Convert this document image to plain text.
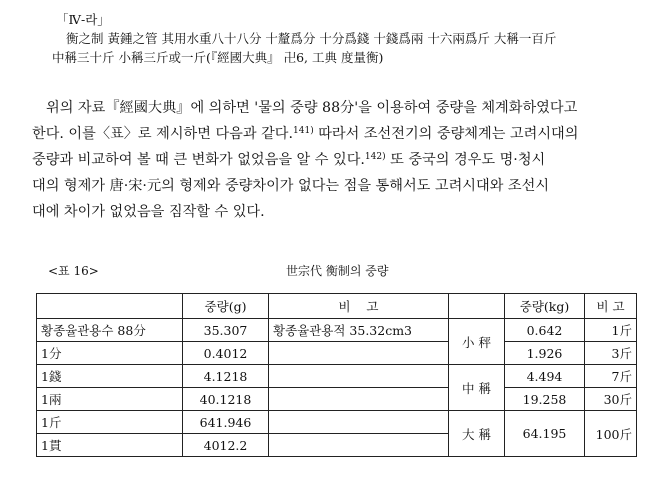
「Ⅳ-라」
衡之制 黃鍾之管 其用水重八十八分 十釐爲分 十分爲錢 十錢爲兩 十六兩爲斤 大稱一百斤
中稱三十斤 小稱三斤或一斤(『經國大典』 卍6, 工典 度量衡)
위의 자료『經國大典』에 의하면 '물의 중량 88分'을 이용하여 중량을 체계화하였다고
한다. 이를〈표〉로 제시하면 다음과 같다.$^{141)}$ 따라서 조선전기의 중량체계는 고려시대의
중량과 비교하여 볼 때 큰 변화가 없었음을 알 수 있다.$^{142)}$ 또 중국의 경우도 명·청시
대의 형제가 唐·宋·元의 형제와 중량차이가 없다는 점을 통해서도 고려시대와 조선시
대에 차이가 없었음을 짐작할 수 있다.
<표 16>	世宗代 衡制의 중량
	중량(g)	비    고		중량(kg)	비 고
황종율관용수 88分	35.307	황종율관용적 35.32cm3	小 秤	0.642	1斤
1分	0.4012			1.926	3斤
1錢	4.1218		中 稱	4.494	7斤
1兩	40.1218			19.258	30斤
1斤	641.946		大 稱	64.195	100斤
1貫	4012.2				
